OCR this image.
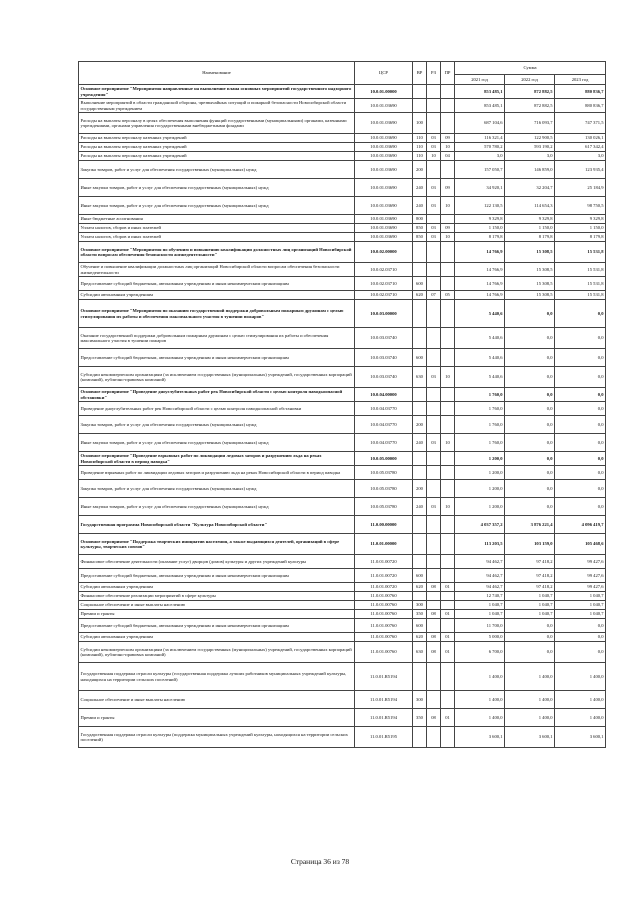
Наименование	ЦСР	ВР	РЗ	ПР	Сумма		
					2021 год	2022 год	2023 год
Основное мероприятие "Мероприятия направленные на выполнение плана основных мероприятий государственного надзорного учреждения"	10.0.01.00000				853 485,1	872 882,5	880 836,7
Выполнение мероприятий в области гражданской обороны, чрезвычайных ситуаций и пожарной безопасности Новосибирской области государственным учреждением	10.0.01.03690				853 485,1	872 882,5	880 836,7
Расходы на выплаты персоналу в целях обеспечения выполнения функций государственными (муниципальными) органами, казенными учреждениями, органами управления государственными внебюджетными фондами	10.0.01.03690	100			687 104,6	716 093,7	747 371,5
Расходы на выплаты персоналу казенных учреждений	10.0.01.03690	110	03	09	116 321,4	122 900,5	130 026,1
Расходы на выплаты персоналу казенных учреждений	10.0.01.03690	110	03	10	570 780,2	593 190,2	617 342,4
Расходы на выплаты персоналу казенных учреждений	10.0.01.03690	110	10	04	3,0	3,0	3,0
Закупка товаров, работ и услуг для обеспечения государственных (муниципальных) нужд	10.0.01.03690	200			157 050,7	146 859,0	123 935,4
Иные закупки товаров, работ и услуг для обеспечения государственных (муниципальных) нужд	10.0.01.03690	240	03	09	34 920,1	32 204,7	25 184,9
Иные закупки товаров, работ и услуг для обеспечения государственных (муниципальных) нужд	10.0.01.03690	240	03	10	122 130,5	114 654,3	98 750,5
Иные бюджетные ассигнования	10.0.01.03690	800			9 329,8	9 329,8	9 329,8
Уплата налогов, сборов и иных платежей	10.0.01.03690	850	03	09	1 150,0	1 150,0	1 150,0
Уплата налогов, сборов и иных платежей	10.0.01.03690	850	03	10	8 179,8	8 179,8	8 179,8
Основное мероприятие "Мероприятия по обучению и повышению квалификации должностных лиц организаций Новосибирской области вопросам обеспечения безопасности жизнедеятельности"	10.0.02.00000				14 766,9	15 308,5	15 531,8
Обучение и повышение квалификации должностных лиц организаций Новосибирской области вопросам обеспечения безопасности жизнедеятельности	10.0.02.03710				14 766,9	15 308,5	15 531,8
Предоставление субсидий бюджетным, автономным учреждениям и иным некоммерческим организациям	10.0.02.03710	600			14 766,9	15 308,5	15 531,8
Субсидии автономным учреждениям	10.0.02.03710	620	07	05	14 766,9	15 308,5	15 531,8
Основное мероприятие "Мероприятия по оказанию государственной поддержки добровольным пожарным дружинам с целью стимулирования их работы и обеспечения максимального участия в тушении пожаров"	10.0.03.00000				5 440,6	0,0	0,0
Оказание государственной поддержки добровольным пожарным дружинам с целью стимулирования их работы и обеспечения максимального участия в тушении пожаров	10.0.03.03740				5 440,6	0,0	0,0
Предоставление субсидий бюджетным, автономным учреждениям и иным некоммерческим организациям	10.0.03.03740	600			5 440,6	0,0	0,0
Субсидии некоммерческим организациям (за исключением государственных (муниципальных) учреждений, государственных корпораций (компаний), публично-правовых компаний)	10.0.03.03740	630	03	10	5 440,6	0,0	0,0
Основное мероприятие "Проведение дноуглубительных работ рек Новосибирской области с целью контроля паводкоопасной обстановки"	10.0.04.00000				1 760,0	0,0	0,0
Проведение дноуглубительных работ рек Новосибирской области с целью контроля паводкоопасной обстановки	10.0.04.03770				1 760,0	0,0	0,0
Закупка товаров, работ и услуг для обеспечения государственных (муниципальных) нужд	10.0.04.03770	200			1 760,0	0,0	0,0
Иные закупки товаров, работ и услуг для обеспечения государственных (муниципальных) нужд	10.0.04.03770	240	03	10	1 760,0	0,0	0,0
Основное мероприятие "Проведение взрывных работ по ликвидации ледовых заторов и разрушению льда на реках Новосибирской области в период паводка"	10.0.05.00000				1 200,0	0,0	0,0
Проведение взрывных работ по ликвидации ледовых заторов и разрушению льда на реках Новосибирской области в период паводка	10.0.05.03780				1 200,0	0,0	0,0
Закупка товаров, работ и услуг для обеспечения государственных (муниципальных) нужд	10.0.05.03780	200			1 200,0	0,0	0,0
Иные закупки товаров, работ и услуг для обеспечения государственных (муниципальных) нужд	10.0.05.03780	240	03	10	1 200,0	0,0	0,0
Государственная программа Новосибирской области "Культура Новосибирской области"	11.0.00.00000				4 037 357,2	3 876 221,4	4 096 419,7
Основное мероприятие "Поддержка творческих инициатив населения, а также выдающихся деятелей, организаций в сфере культуры, творческих союзов"	11.0.01.00000				113 203,5	103 159,0	105 468,6
Финансовое обеспечение деятельности (оказание услуг) дворцов (домов) культуры и других учреждений культуры	11.0.01.00720				94 462,7	97 418,2	99 427,6
Предоставление субсидий бюджетным, автономным учреждениям и иным некоммерческим организациям	11.0.01.00720	600			94 462,7	97 418,2	99 427,6
Субсидии автономным учреждениям	11.0.01.00720	620	08	01	94 462,7	97 418,2	99 427,6
Финансовое обеспечение реализации мероприятий в сфере культуры	11.0.01.00760				12 740,7	1 040,7	1 040,7
Социальное обеспечение и иные выплаты населению	11.0.01.00760	300			1 040,7	1 040,7	1 040,7
Премии и гранты	11.0.01.00760	350	08	01	1 040,7	1 040,7	1 040,7
Предоставление субсидий бюджетным, автономным учреждениям и иным некоммерческим организациям	11.0.01.00760	600			11 700,0	0,0	0,0
Субсидии автономным учреждениям	11.0.01.00760	620	08	01	5 000,0	0,0	0,0
Субсидии некоммерческим организациям (за исключением государственных (муниципальных) учреждений, государственных корпораций (компаний), публично-правовых компаний)	11.0.01.00760	630	08	01	6 700,0	0,0	0,0
Государственная поддержка отрасли культуры (государственная поддержка лучших работников муниципальных учреждений культуры, находящихся на территории сельских поселений)	11.0.01.R5194				1 400,0	1 400,0	1 400,0
Социальное обеспечение и иные выплаты населению	11.0.01.R5194	300			1 400,0	1 400,0	1 400,0
Премии и гранты	11.0.01.R5194	350	08	01	1 400,0	1 400,0	1 400,0
Государственная поддержка отрасли культуры (поддержка муниципальных учреждений культуры, находящихся на территории сельских поселений)	11.0.01.R5195				3 600,1	3 600,1	3 600,1
Страница 36 из 78
